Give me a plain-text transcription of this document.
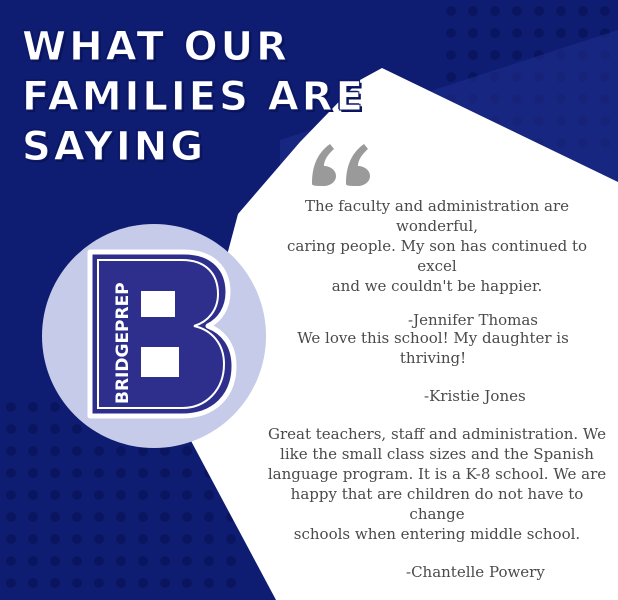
WHAT OUR
FAMILIES ARE
SAYING

The faculty and administration are wonderful,
caring people. My son has continued to excel
and we couldn't be happier.

-Jennifer Thomas

We love this school! My daughter is thriving!

-Kristie Jones

Great teachers, staff and administration. We
like the small class sizes and the Spanish
language program. It is a K-8 school. We are
happy that are children do not have to change
schools when entering middle school.

-Chantelle Powery

BRIDGEPREP
